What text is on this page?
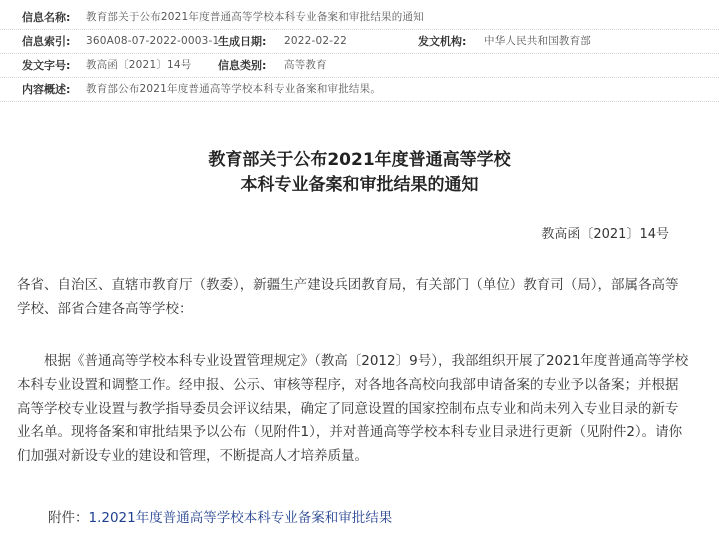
信息名称: 教育部关于公布2021年度普通高等学校本科专业备案和审批结果的通知
信息索引: 360A08-07-2022-0003-1
生成日期: 2022-02-22	发文机构: 中华人民共和国教育部
发文字号: 教高函〔2021〕14号 信息类别: 高等教育
内容概述: 教育部公布2021年度普通高等学校本科专业备案和审批结果。
教育部关于公布2021年度普通高等学校
本科专业备案和审批结果的通知
教高函〔2021〕14号
各省、自治区、直辖市教育厅（教委），新疆生产建设兵团教育局，有关部门（单位）教育司（局），部属各高等学校、部省合建各高等学校：
根据《普通高等学校本科专业设置管理规定》（教高〔2012〕9号），我部组织开展了2021年度普通高等学校本科专业设置和调整工作。经申报、公示、审核等程序，对各地各高校向我部申请备案的专业予以备案；并根据高等学校专业设置与教学指导委员会评议结果，确定了同意设置的国家控制布点专业和尚未列入专业目录的新专业名单。现将备案和审批结果予以公布（见附件1），并对普通高等学校本科专业目录进行更新（见附件2）。请你们加强对新设专业的建设和管理，不断提高人才培养质量。
附件：1.2021年度普通高等学校本科专业备案和审批结果
